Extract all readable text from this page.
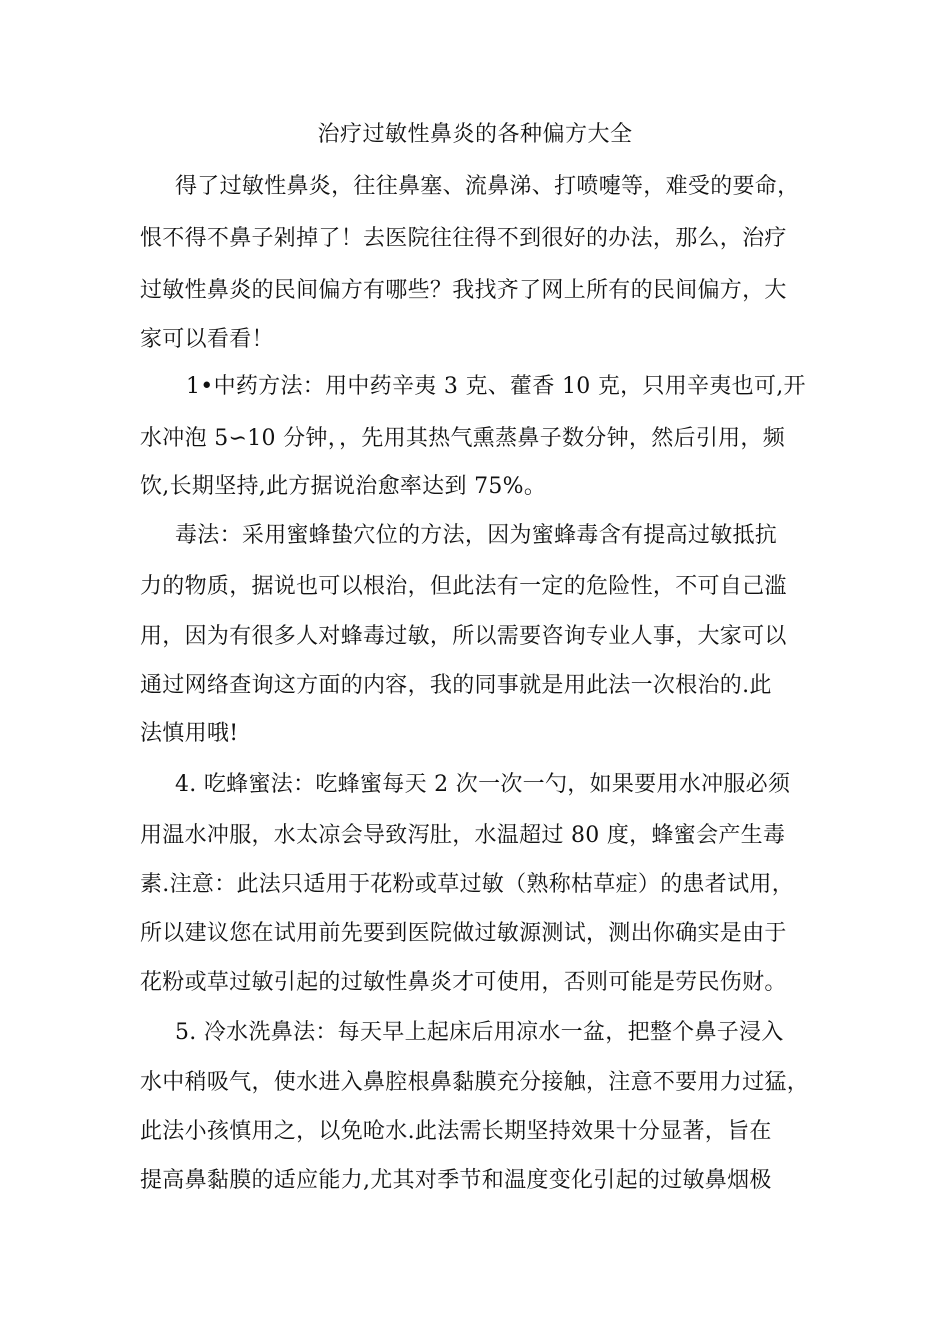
治疗过敏性鼻炎的各种偏方大全
得了过敏性鼻炎，往往鼻塞、流鼻涕、打喷嚏等，难受的要命，
恨不得不鼻子剁掉了！去医院往往得不到很好的办法，那么，治疗
过敏性鼻炎的民间偏方有哪些？我找齐了网上所有的民间偏方，大
家可以看看！
1•中药方法：用中药辛夷 3 克、藿香 10 克，只用辛夷也可,开
水冲泡 5∽10 分钟，，先用其热气熏蒸鼻子数分钟，然后引用，频
饮,长期坚持,此方据说治愈率达到 75%。
毒法：采用蜜蜂蛰穴位的方法，因为蜜蜂毒含有提高过敏抵抗
力的物质，据说也可以根治，但此法有一定的危险性，不可自己滥
用，因为有很多人对蜂毒过敏，所以需要咨询专业人事，大家可以
通过网络查询这方面的内容，我的同事就是用此法一次根治的.此
法慎用哦!
4. 吃蜂蜜法：吃蜂蜜每天 2 次一次一勺，如果要用水冲服必须
用温水冲服，水太凉会导致泻肚，水温超过 80 度，蜂蜜会产生毒
素.注意：此法只适用于花粉或草过敏（熟称枯草症）的患者试用，
所以建议您在试用前先要到医院做过敏源测试，测出你确实是由于
花粉或草过敏引起的过敏性鼻炎才可使用，否则可能是劳民伤财。
5. 冷水洗鼻法：每天早上起床后用凉水一盆，把整个鼻子浸入
水中稍吸气，使水进入鼻腔根鼻黏膜充分接触，注意不要用力过猛，
此法小孩慎用之，以免呛水.此法需长期坚持效果十分显著，旨在
提高鼻黏膜的适应能力,尤其对季节和温度变化引起的过敏鼻烟极
